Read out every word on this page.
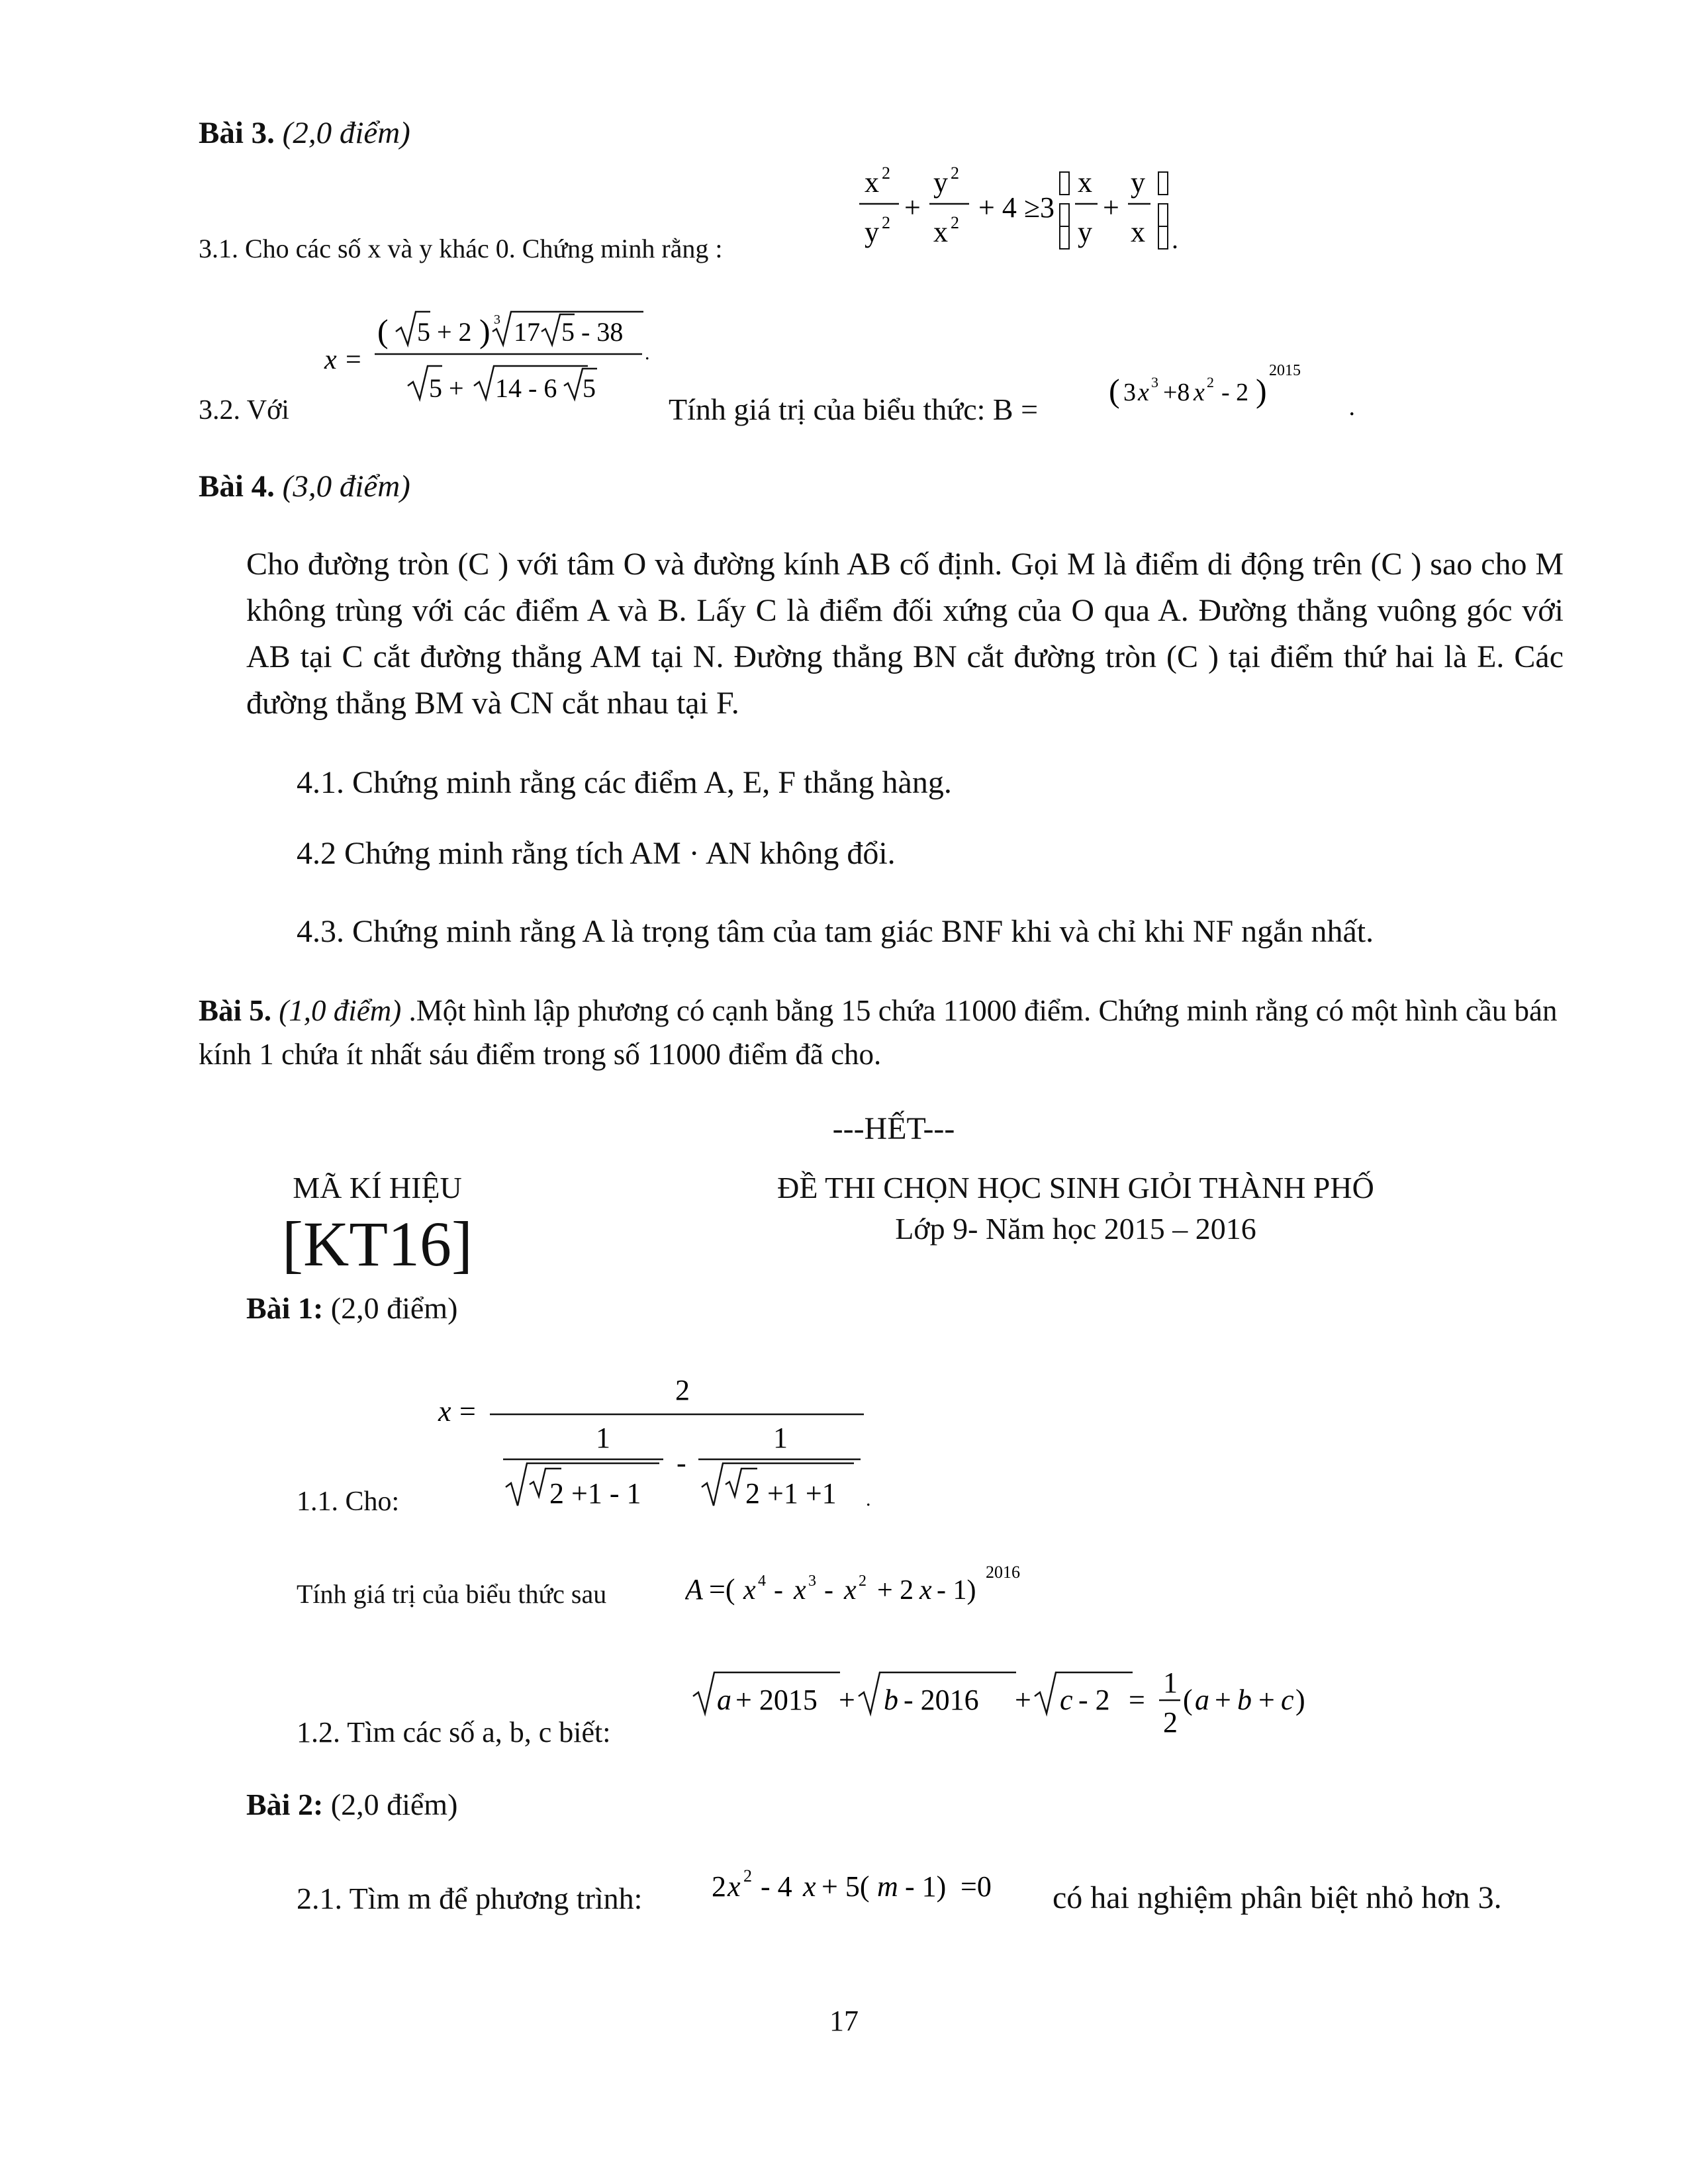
Bài 3. (2,0 điểm)
3.1. Cho các số x và y khác 0. Chứng minh rằng :
x 2
y 2 +
y 2
x 2 + 4 ≥3
x
y
+
y
x .
3.2. Với
x =
( 5 + 2 ) 3 17 5 - 38
.
5 + 14 - 6 5
Tính giá trị của biểu thức: B =
( 3 x 3 +8 x 2 - 2 )
2015
.
Bài 4. (3,0 điểm)
Cho đường tròn (C ) với tâm O và đường kính AB cố định. Gọi M là điểm di động trên (C ) sao cho M không trùng với các điểm A và B. Lấy C là điểm đối xứng của O qua A. Đường thẳng vuông góc với AB tại C cắt đường thẳng AM tại N. Đường thẳng BN cắt đường tròn (C ) tại điểm thứ hai là E. Các đường thẳng BM và CN cắt nhau tại F.
4.1. Chứng minh rằng các điểm A, E, F thẳng hàng.
4.2 Chứng minh rằng tích AM · AN không đổi.
4.3. Chứng minh rằng A là trọng tâm của tam giác BNF khi và chỉ khi NF ngắn nhất.
Bài 5. (1,0 điểm) .Một hình lập phương có cạnh bằng 15 chứa 11000 điểm. Chứng minh rằng có một hình cầu bán kính 1 chứa ít nhất sáu điểm trong số 11000 điểm đã cho.
---HẾT---
MÃ KÍ HIỆU
[KT16]
ĐỀ THI CHỌN HỌC SINH GIỎI THÀNH PHỐ
Lớp 9- Năm học 2015 – 2016
Bài 1: (2,0 điểm)
1.1. Cho:
x =
2
1
2 +1 - 1
-
1
2 +1 +1 .
Tính giá trị của biểu thức sau	A =( x 4 - x 3 - x 2 + 2 x - 1)
2016
1.2. Tìm các số a, b, c biết:
a + 2015 + b - 2016 + c - 2 =
1
2
( a + b + c )
Bài 2: (2,0 điểm)
2.1. Tìm m để phương trình: 2 x 2 - 4 x + 5( m - 1) =0 có hai nghiệm phân biệt nhỏ hơn 3.
17
